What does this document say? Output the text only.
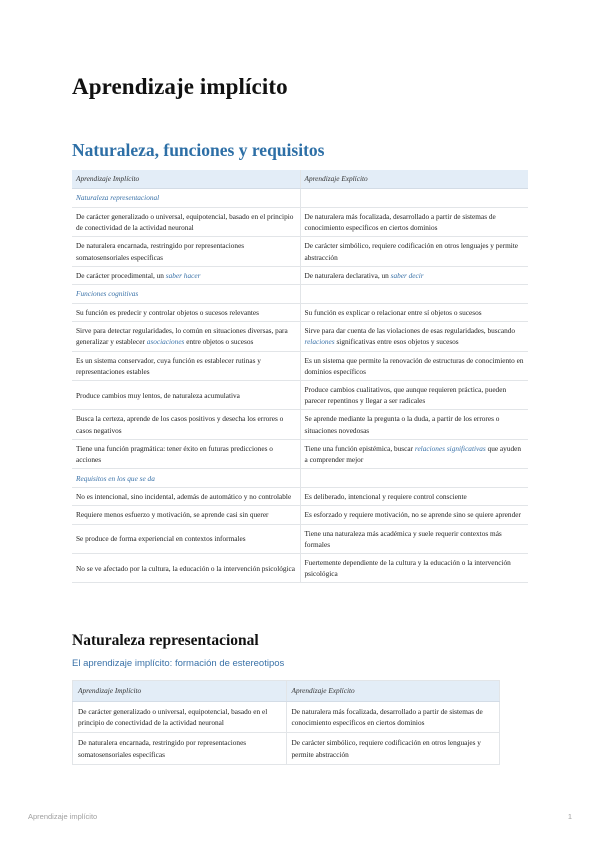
Aprendizaje implícito
Naturaleza, funciones y requisitos
Aprendizaje Implícito	Aprendizaje Explícito
Naturaleza representacional	
De carácter generalizado o universal, equipotencial, basado en el principio de conectividad de la actividad neuronal	De naturalera más focalizada, desarrollado a partir de sistemas de conocimiento específicos en ciertos dominios
De naturalera encarnada, restringido por representaciones somatosensoriales específicas	De carácter simbólico, requiere codificación en otros lenguajes y permite abstracción
De carácter procedimental, un saber hacer	De naturalera declarativa, un saber decir
Funciones cognitivas	
Su función es predecir y controlar objetos o sucesos relevantes	Su función es explicar o relacionar entre sí objetos o sucesos
Sirve para detectar regularidades, lo común en situaciones diversas, para generalizar y establecer asociaciones entre objetos o sucesos	Sirve para dar cuenta de las violaciones de esas regularidades, buscando relaciones significativas entre esos objetos y sucesos
Es un sistema conservador, cuya función es establecer rutinas y representaciones estables	Es un sistema que permite la renovación de estructuras de conocimiento en dominios específicos
Produce cambios muy lentos, de naturaleza acumulativa	Produce cambios cualitativos, que aunque requieren práctica, pueden parecer repentinos y llegar a ser radicales
Busca la certeza, aprende de los casos positivos y desecha los errores o casos negativos	Se aprende mediante la pregunta o la duda, a partir de los errores o situaciones novedosas
Tiene una función pragmática: tener éxito en futuras predicciones o acciones	Tiene una función epistémica, buscar relaciones significativas que ayuden a comprender mejor
Requisitos en los que se da	
No es intencional, sino incidental, además de automático y no controlable	Es deliberado, intencional y requiere control consciente
Requiere menos esfuerzo y motivación, se aprende casi sin querer	Es esforzado y requiere motivación, no se aprende sino se quiere aprender
Se produce de forma experiencial en contextos informales	Tiene una naturaleza más académica y suele requerir contextos más formales
No se ve afectado por la cultura, la educación o la intervención psicológica	Fuertemente dependiente de la cultura y la educación o la intervención psicológica
Naturaleza representacional

El aprendizaje implícito: formación de estereotipos

Aprendizaje Implícito	Aprendizaje Explícito
De carácter generalizado o universal, equipotencial, basado en el principio de conectividad de la actividad neuronal	De naturalera más focalizada, desarrollado a partir de sistemas de conocimiento específicos en ciertos dominios
De naturalera encarnada, restringido por representaciones somatosensoriales específicas	De carácter simbólico, requiere codificación en otros lenguajes y permite abstracción
Aprendizaje implícito	1
